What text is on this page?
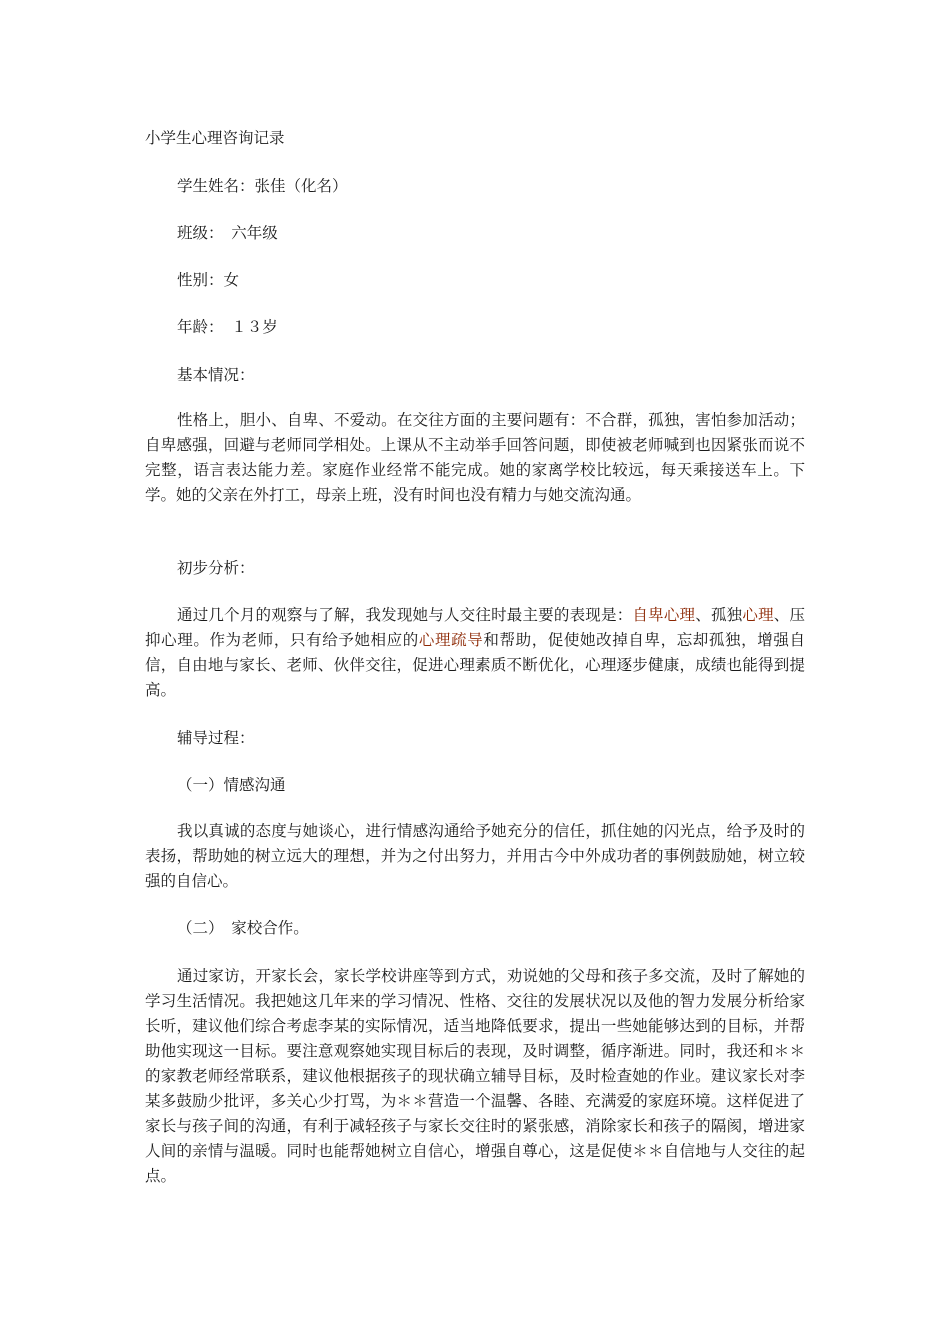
小学生心理咨询记录
学生姓名：张佳（化名）
班级：　六年级
性别：女
年龄：　１３岁
基本情况：
性格上，胆小、自卑、不爱动。在交往方面的主要问题有：不合群，孤独，害怕参加活动；自卑感强，回避与老师同学相处。上课从不主动举手回答问题，即使被老师喊到也因紧张而说不完整，语言表达能力差。家庭作业经常不能完成。她的家离学校比较远，每天乘接送车上。下学。她的父亲在外打工，母亲上班，没有时间也没有精力与她交流沟通。
初步分析：
通过几个月的观察与了解，我发现她与人交往时最主要的表现是：自卑心理、孤独心理、压抑心理。作为老师，只有给予她相应的心理疏导和帮助，促使她改掉自卑，忘却孤独，增强自信，自由地与家长、老师、伙伴交往，促进心理素质不断优化，心理逐步健康，成绩也能得到提高。
辅导过程：
（一）情感沟通
我以真诚的态度与她谈心，进行情感沟通给予她充分的信任，抓住她的闪光点，给予及时的表扬，帮助她的树立远大的理想，并为之付出努力，并用古今中外成功者的事例鼓励她，树立较强的自信心。
（二）　家校合作。
通过家访，开家长会，家长学校讲座等到方式，劝说她的父母和孩子多交流，及时了解她的学习生活情况。我把她这几年来的学习情况、性格、交往的发展状况以及他的智力发展分析给家长听，建议他们综合考虑李某的实际情况，适当地降低要求，提出一些她能够达到的目标，并帮助他实现这一目标。要注意观察她实现目标后的表现，及时调整，循序渐进。同时，我还和＊＊的家教老师经常联系，建议他根据孩子的现状确立辅导目标，及时检查她的作业。建议家长对李某多鼓励少批评，多关心少打骂，为＊＊营造一个温馨、各睦、充满爱的家庭环境。这样促进了家长与孩子间的沟通，有利于减轻孩子与家长交往时的紧张感，消除家长和孩子的隔阂，增进家人间的亲情与温暖。同时也能帮她树立自信心，增强自尊心，这是促使＊＊自信地与人交往的起点。
